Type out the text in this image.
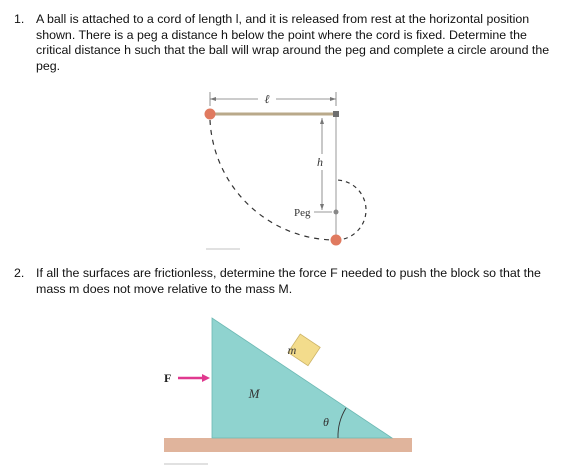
1. A ball is attached to a cord of length l, and it is released from rest at the horizontal position shown. There is a peg a distance h below the point where the cord is fixed. Determine the critical distance h such that the ball will wrap around the peg and complete a circle around the peg.
ℓ
h
Peg
2. If all the surfaces are frictionless, determine the force F needed to push the block so that the mass m does not move relative to the mass M.
m
M
θ
F⃗
